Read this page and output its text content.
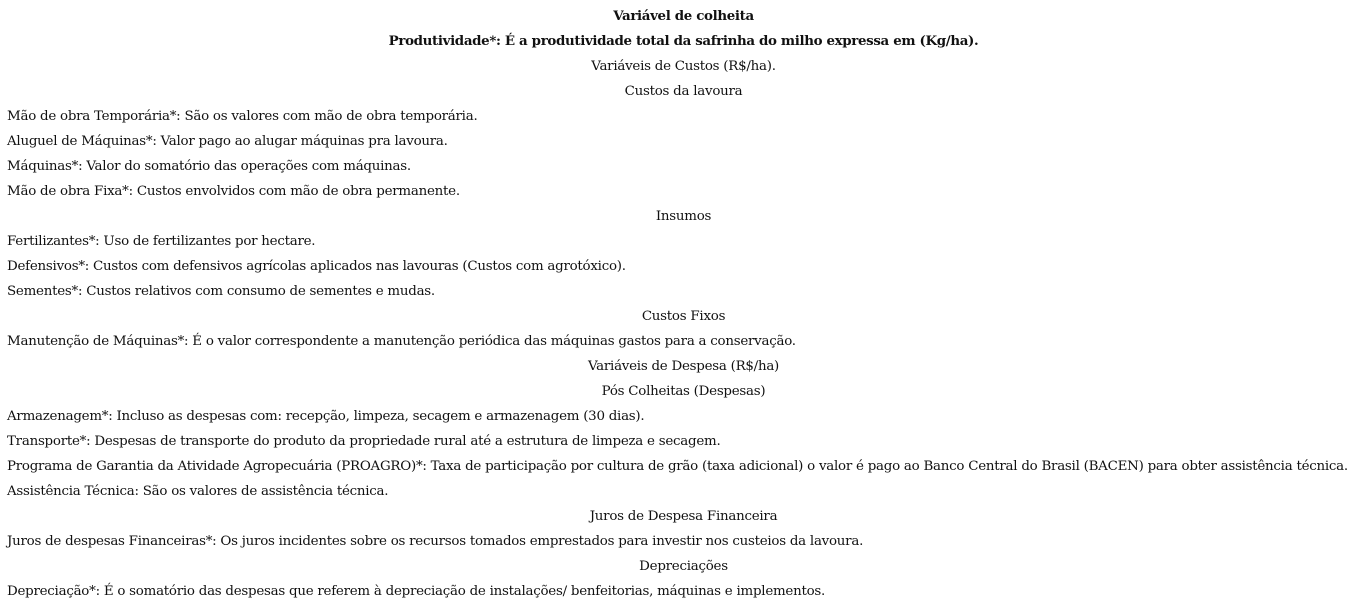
Variável de colheita
Produtividade*: É a produtividade total da safrinha do milho expressa em (Kg/ha).
Variáveis de Custos (R$/ha).
Custos da lavoura
Mão de obra Temporária*: São os valores com mão de obra temporária.
Aluguel de Máquinas*: Valor pago ao alugar máquinas pra lavoura.
Máquinas*: Valor do somatório das operações com máquinas.
Mão de obra Fixa*: Custos envolvidos com mão de obra permanente.
Insumos
Fertilizantes*: Uso de fertilizantes por hectare.
Defensivos*: Custos com defensivos agrícolas aplicados nas lavouras (Custos com agrotóxico).
Sementes*: Custos relativos com consumo de sementes e mudas.
Custos Fixos
Manutenção de Máquinas*: É o valor correspondente a manutenção periódica das máquinas gastos para a conservação.
Variáveis de Despesa (R$/ha)
Pós Colheitas (Despesas)
Armazenagem*: Incluso as despesas com: recepção, limpeza, secagem e armazenagem (30 dias).
Transporte*: Despesas de transporte do produto da propriedade rural até a estrutura de limpeza e secagem.
Programa de Garantia da Atividade Agropecuária (PROAGRO)*: Taxa de participação por cultura de grão (taxa adicional) o valor é pago ao Banco Central do Brasil (BACEN) para obter assistência técnica.
Assistência Técnica: São os valores de assistência técnica.
Juros de Despesa Financeira
Juros de despesas Financeiras*: Os juros incidentes sobre os recursos tomados emprestados para investir nos custeios da lavoura.
Depreciações
Depreciação*: É o somatório das despesas que referem à depreciação de instalações/ benfeitorias, máquinas e implementos.
